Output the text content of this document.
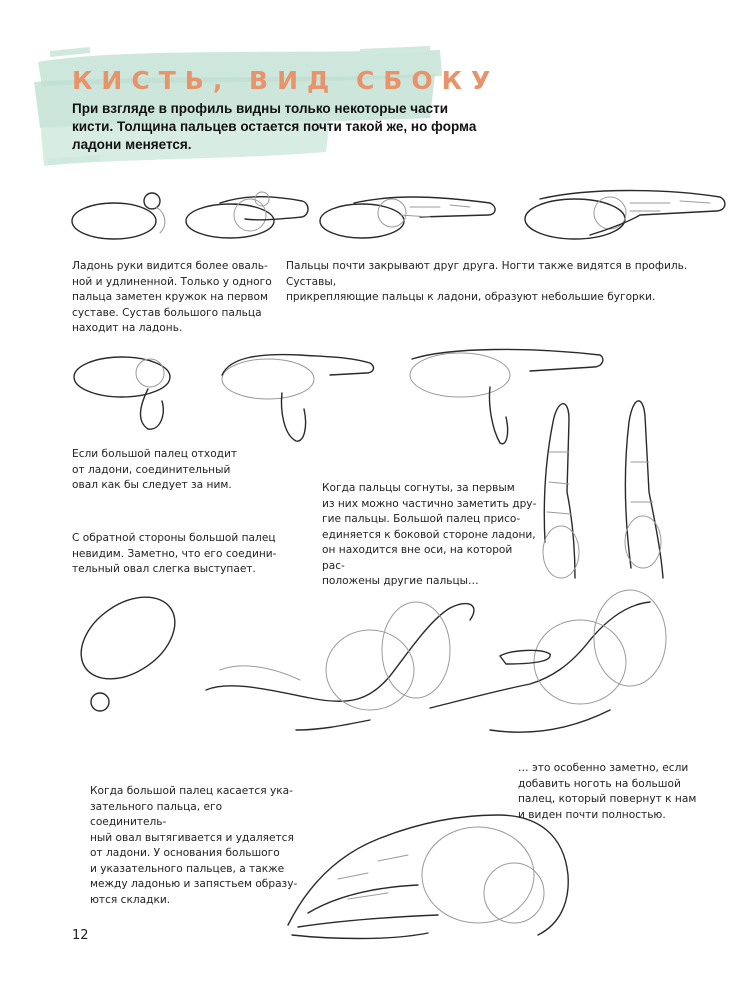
КИСТЬ, ВИД СБОКУ

При взгляде в профиль видны только некоторые части кисти. Толщина пальцев остается почти такой же, но форма ладони меняется.

Ладонь руки видится более оваль-
ной и удлиненной. Только у одного
пальца заметен кружок на первом
суставе. Сустав большого пальца
находит на ладонь.

Пальцы почти закрывают друг друга. Ногти также видятся в профиль. Суставы,
прикрепляющие пальцы к ладони, образуют небольшие бугорки.

Если большой палец отходит
от ладони, соединительный
овал как бы следует за ним.

С обратной стороны большой палец
невидим. Заметно, что его соедини-
тельный овал слегка выступает.

Когда пальцы согнуты, за первым
из них можно частично заметить дру-
гие пальцы. Большой палец присо-
единяется к боковой стороне ладони,
он находится вне оси, на которой рас-
положены другие пальцы…

Когда большой палец касается ука-
зательного пальца, его соединитель-
ный овал вытягивается и удаляется
от ладони. У основания большого
и указательного пальцев, а также
между ладонью и запястьем образу-
ются складки.

… это особенно заметно, если
добавить ноготь на большой
палец, который повернут к нам
и виден почти полностью.

12
